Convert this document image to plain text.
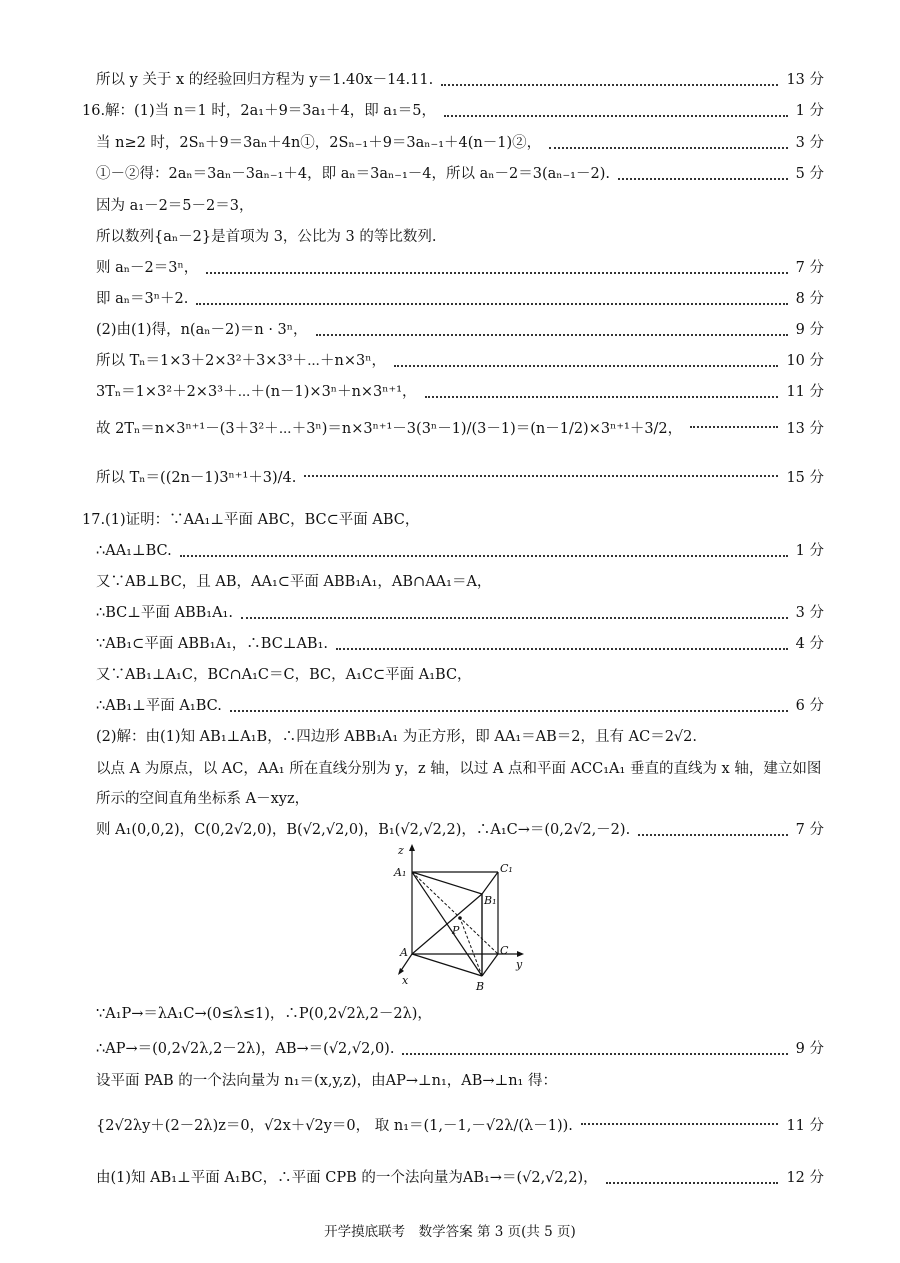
所以 y 关于 x 的经验回归方程为 y＝1.40x－14.11.	13 分
16.解：(1)当 n＝1 时，2a₁＋9＝3a₁＋4，即 a₁＝5，	1 分
当 n≥2 时，2Sₙ＋9＝3aₙ＋4n①，2Sₙ₋₁＋9＝3aₙ₋₁＋4(n－1)②，	3 分
①－②得：2aₙ＝3aₙ－3aₙ₋₁＋4，即 aₙ＝3aₙ₋₁－4，所以 aₙ－2＝3(aₙ₋₁－2).	5 分
因为 a₁－2＝5－2＝3，
所以数列{aₙ－2}是首项为 3，公比为 3 的等比数列.
则 aₙ－2＝3ⁿ，	7 分
即 aₙ＝3ⁿ＋2.	8 分
(2)由(1)得，n(aₙ－2)＝n · 3ⁿ，	9 分
所以 Tₙ＝1×3＋2×3²＋3×3³＋⋯＋n×3ⁿ，	10 分
3Tₙ＝1×3²＋2×3³＋⋯＋(n－1)×3ⁿ＋n×3ⁿ⁺¹，	11 分
故 2Tₙ＝n×3ⁿ⁺¹－(3＋3²＋⋯＋3ⁿ)＝n×3ⁿ⁺¹－3(3ⁿ－1)/(3－1)＝(n－1/2)×3ⁿ⁺¹＋3/2，	13 分
所以 Tₙ＝((2n－1)3ⁿ⁺¹＋3)/4.	15 分
17.(1)证明：∵AA₁⊥平面 ABC，BC⊂平面 ABC，
∴AA₁⊥BC.	1 分
又∵AB⊥BC，且 AB，AA₁⊂平面 ABB₁A₁，AB∩AA₁＝A，
∴BC⊥平面 ABB₁A₁.	3 分
∵AB₁⊂平面 ABB₁A₁，∴BC⊥AB₁.	4 分
又∵AB₁⊥A₁C，BC∩A₁C＝C，BC，A₁C⊂平面 A₁BC，
∴AB₁⊥平面 A₁BC.	6 分
(2)解：由(1)知 AB₁⊥A₁B，∴四边形 ABB₁A₁ 为正方形，即 AA₁＝AB＝2，且有 AC＝2√2.
以点 A 为原点，以 AC，AA₁ 所在直线分别为 y，z 轴，以过 A 点和平面 ACC₁A₁ 垂直的直线为 x 轴，建立如图
所示的空间直角坐标系 A－xyz，
则 A₁(0,0,2)，C(0,2√2,0)，B(√2,√2,0)，B₁(√2,√2,2)，∴A₁C→＝(0,2√2,－2).	7 分
z
y
x
A₁	C₁
B₁
P
A	C
B
∵A₁P→＝λA₁C→(0≤λ≤1)，∴P(0,2√2λ,2－2λ)，
∴AP→＝(0,2√2λ,2－2λ)，AB→＝(√2,√2,0).	9 分
设平面 PAB 的一个法向量为 n₁＝(x,y,z)，由AP→⊥n₁，AB→⊥n₁ 得：
{2√2λy＋(2－2λ)z＝0，√2x＋√2y＝0， 取 n₁＝(1,－1,－√2λ/(λ－1)).	11 分
由(1)知 AB₁⊥平面 A₁BC，∴平面 CPB 的一个法向量为AB₁→＝(√2,√2,2)，	12 分
开学摸底联考　数学答案 第 3 页(共 5 页)
